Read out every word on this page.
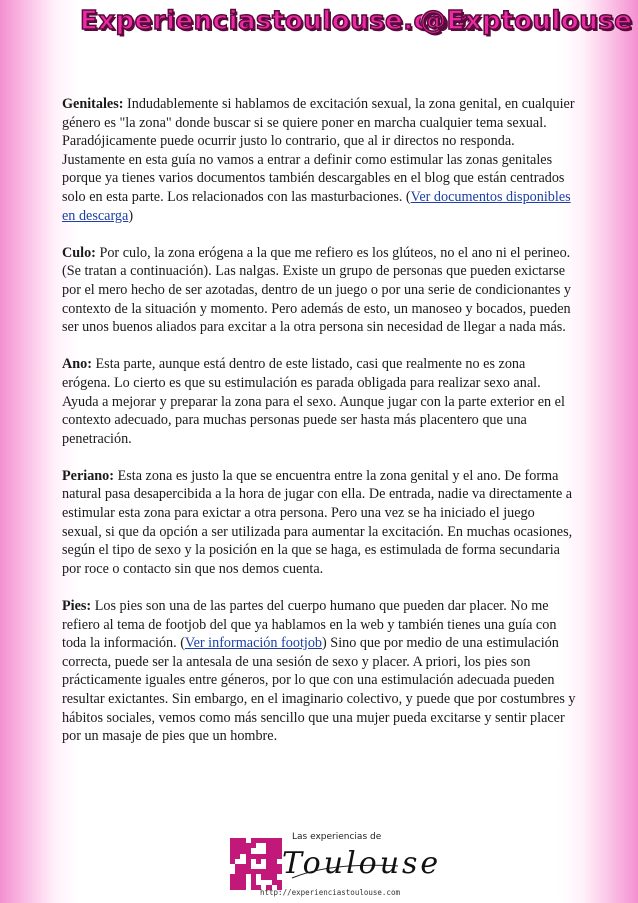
Experienciastoulouse.com
@Exptoulouse

Genitales: Indudablemente si hablamos de excitación sexual, la zona genital, en cualquier género es "la zona" donde buscar si se quiere poner en marcha cualquier tema sexual. Paradójicamente puede ocurrir justo lo contrario, que al ir directos no responda. Justamente en esta guía no vamos a entrar a definir como estimular las zonas genitales porque ya tienes varios documentos también descargables en el blog que están centrados solo en esta parte. Los relacionados con las masturbaciones. (Ver documentos disponibles en descarga)

Culo: Por culo, la zona erógena a la que me refiero es los glúteos, no el ano ni el perineo. (Se tratan a continuación). Las nalgas. Existe un grupo de personas que pueden exictarse por el mero hecho de ser azotadas, dentro de un juego o por una serie de condicionantes y contexto de la situación y momento. Pero además de esto, un manoseo y bocados, pueden ser unos buenos aliados para excitar a la otra persona sin necesidad de llegar a nada más.

Ano: Esta parte, aunque está dentro de este listado, casi que realmente no es zona erógena. Lo cierto es que su estimulación es parada obligada para realizar sexo anal. Ayuda a mejorar y preparar la zona para el sexo. Aunque jugar con la parte exterior en el contexto adecuado, para muchas personas puede ser hasta más placentero que una penetración.

Periano: Esta zona es justo la que se encuentra entre la zona genital y el ano. De forma natural pasa desapercibida a la hora de jugar con ella. De entrada, nadie va directamente a estimular esta zona para exictar a otra persona. Pero una vez se ha iniciado el juego sexual, si que da opción a ser utilizada para aumentar la excitación. En muchas ocasiones, según el tipo de sexo y la posición en la que se haga, es estimulada de forma secundaria por roce o contacto sin que nos demos cuenta.

Pies: Los pies son una de las partes del cuerpo humano que pueden dar placer. No me refiero al tema de footjob del que ya hablamos en la web y también tienes una guía con toda la información. (Ver información footjob) Sino que por medio de una estimulación correcta, puede ser la antesala de una sesión de sexo y placer. A priori, los pies son prácticamente iguales entre géneros, por lo que con una estimulación adecuada pueden resultar exictantes. Sin embargo, en el imaginario colectivo, y puede que por costumbres y hábitos sociales, vemos como más sencillo que una mujer pueda excitarse y sentir placer por un masaje de pies que un hombre.

Las experiencias de
Toulouse
http://experienciastoulouse.com
